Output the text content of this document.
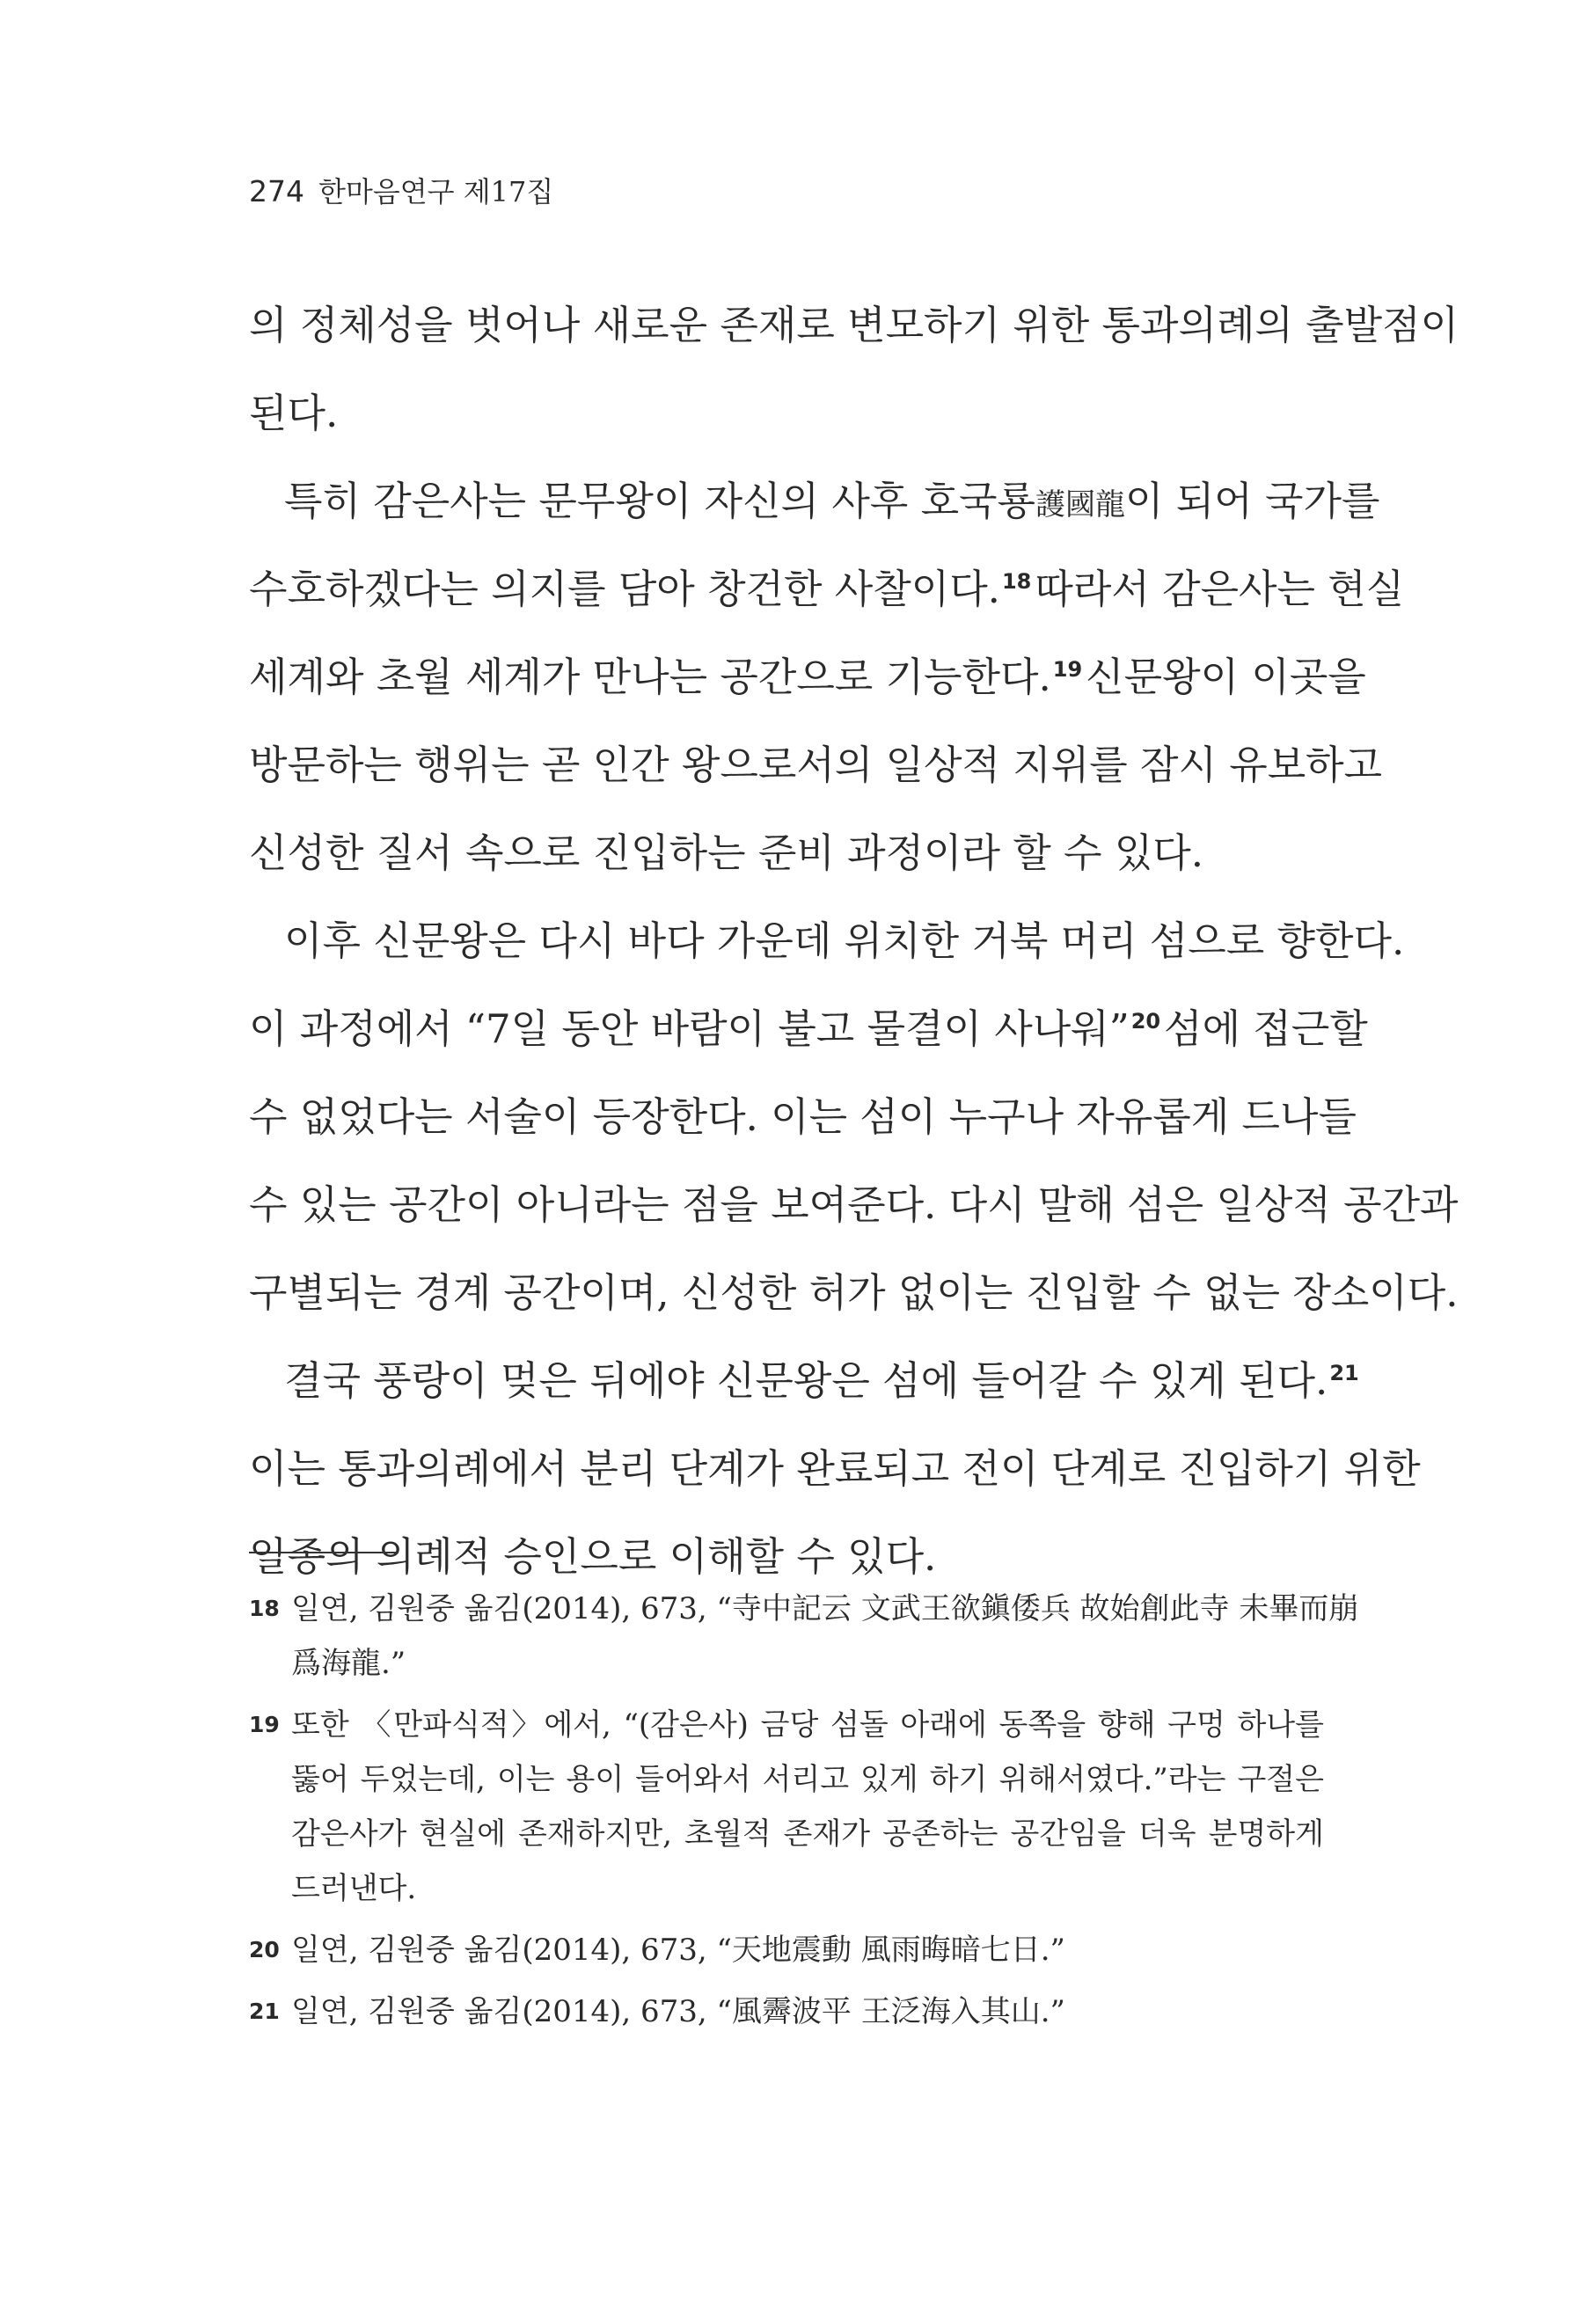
274 한마음연구 제17집
의 정체성을 벗어나 새로운 존재로 변모하기 위한 통과의례의 출발점이
된다.
특히 감은사는 문무왕이 자신의 사후 호국룡護國龍이 되어 국가를
수호하겠다는 의지를 담아 창건한 사찰이다.$^{18}$따라서 감은사는 현실
세계와 초월 세계가 만나는 공간으로 기능한다.$^{19}$신문왕이 이곳을
방문하는 행위는 곧 인간 왕으로서의 일상적 지위를 잠시 유보하고
신성한 질서 속으로 진입하는 준비 과정이라 할 수 있다.
이후 신문왕은 다시 바다 가운데 위치한 거북 머리 섬으로 향한다.
이 과정에서 “7일 동안 바람이 불고 물결이 사나워”$^{20}$섬에 접근할
수 없었다는 서술이 등장한다. 이는 섬이 누구나 자유롭게 드나들
수 있는 공간이 아니라는 점을 보여준다. 다시 말해 섬은 일상적 공간과
구별되는 경계 공간이며, 신성한 허가 없이는 진입할 수 없는 장소이다.
결국 풍랑이 멎은 뒤에야 신문왕은 섬에 들어갈 수 있게 된다.$^{21}$
이는 통과의례에서 분리 단계가 완료되고 전이 단계로 진입하기 위한
일종의 의례적 승인으로 이해할 수 있다.
18 일연, 김원중 옮김(2014), 673, “寺中記云 文武王欲鎭倭兵 故始創此寺 未畢而崩
爲海龍.”
19 또한 〈만파식적〉에서, “(감은사) 금당 섬돌 아래에 동쪽을 향해 구멍 하나를
뚫어 두었는데, 이는 용이 들어와서 서리고 있게 하기 위해서였다.”라는 구절은
감은사가 현실에 존재하지만, 초월적 존재가 공존하는 공간임을 더욱 분명하게
드러낸다.
20 일연, 김원중 옮김(2014), 673, “天地震動 風雨晦暗七日.”
21 일연, 김원중 옮김(2014), 673, “風霽波平 王泛海入其山.”
